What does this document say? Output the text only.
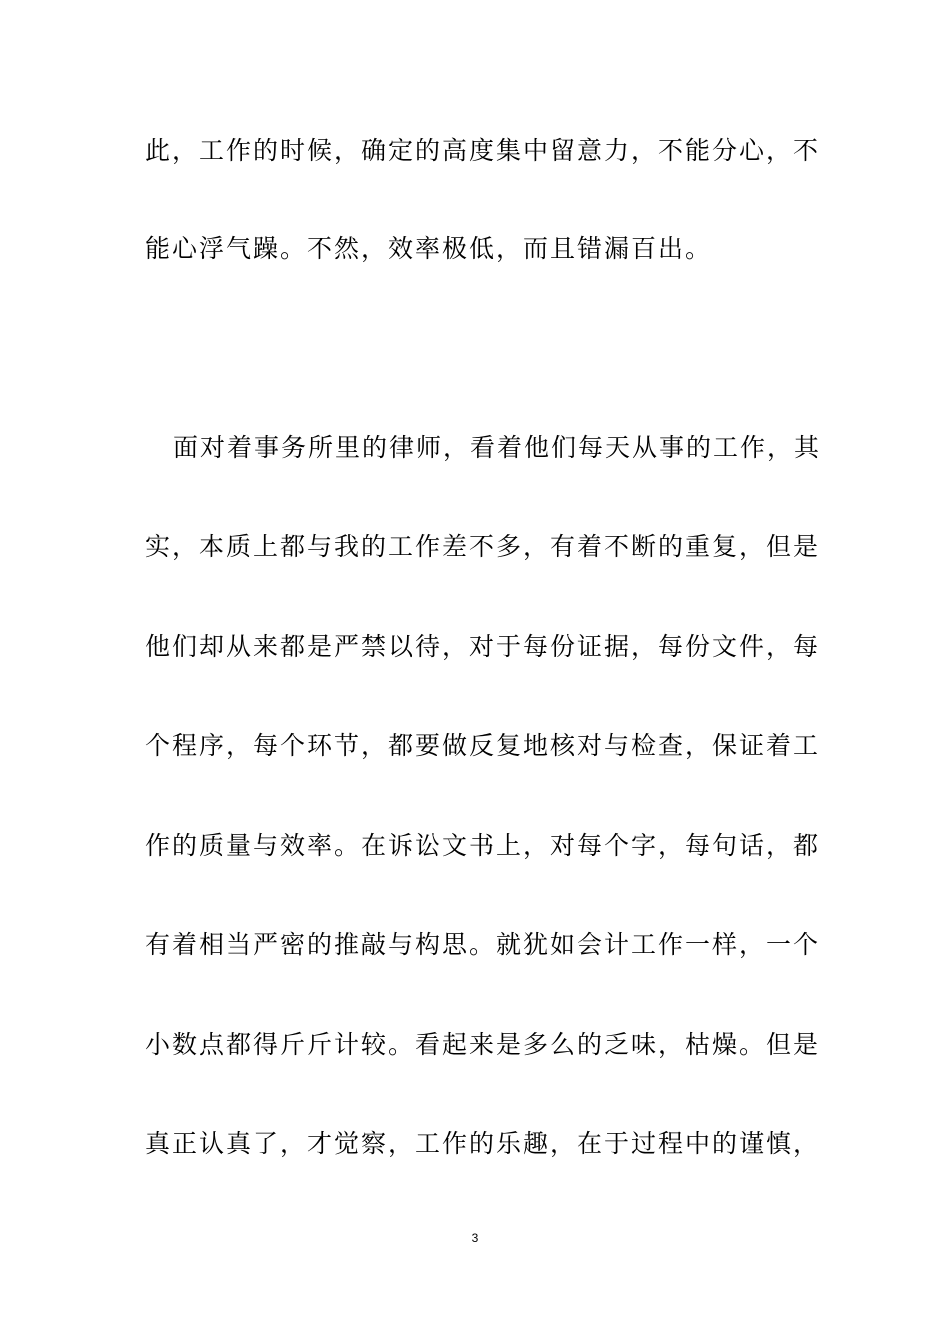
此，工作的时候，确定的高度集中留意力，不能分心，不
能心浮气躁。不然，效率极低，而且错漏百出。
面对着事务所里的律师，看着他们每天从事的工作，其
实，本质上都与我的工作差不多，有着不断的重复，但是
他们却从来都是严禁以待，对于每份证据，每份文件，每
个程序，每个环节，都要做反复地核对与检查，保证着工
作的质量与效率。在诉讼文书上，对每个字，每句话，都
有着相当严密的推敲与构思。就犹如会计工作一样，一个
小数点都得斤斤计较。看起来是多么的乏味，枯燥。但是
真正认真了，才觉察，工作的乐趣，在于过程中的谨慎，
3
